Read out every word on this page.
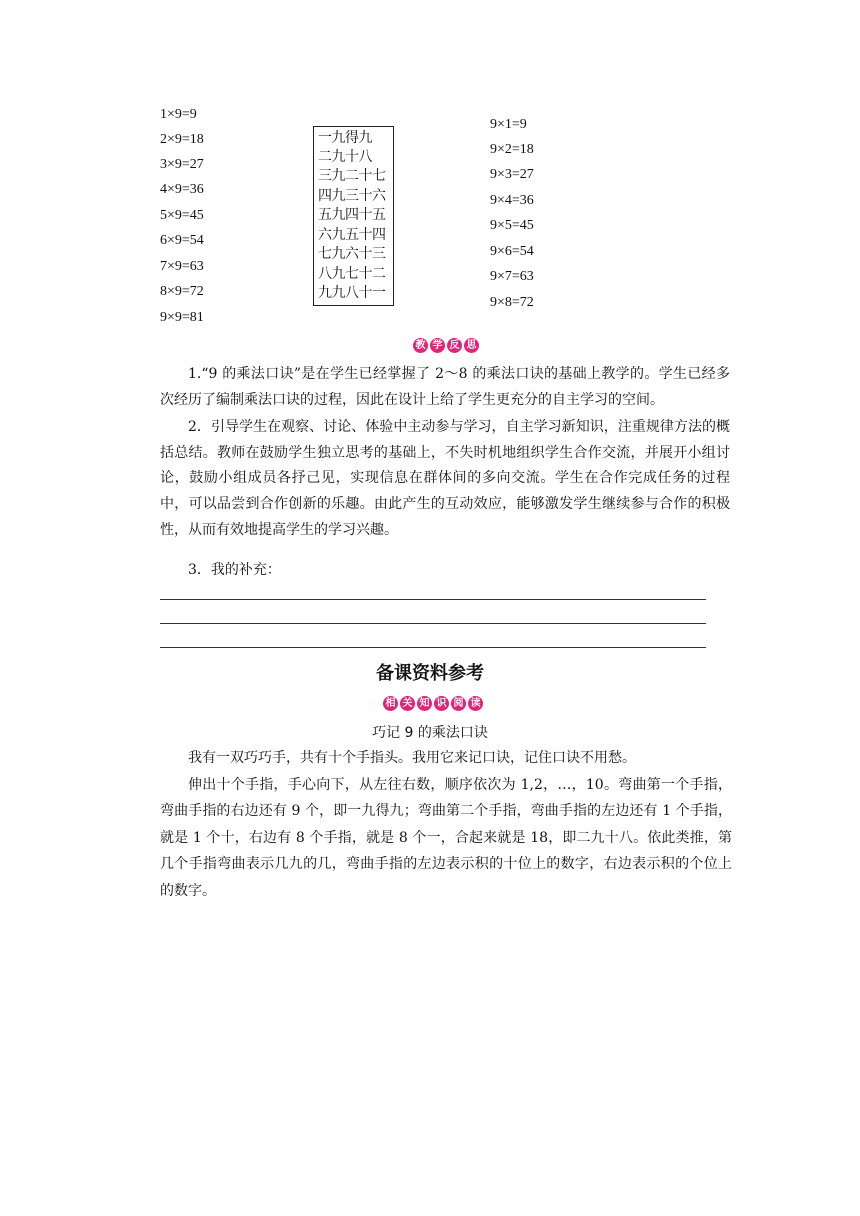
1×9=9
2×9=18
3×9=27
4×9=36
5×9=45
6×9=54
7×9=63
8×9=72
9×9=81
一九得九
二九十八
三九二十七
四九三十六
五九四十五
六九五十四
七九六十三
八九七十二
九九八十一
9×1=9
9×2=18
9×3=27
9×4=36
9×5=45
9×6=54
9×7=63
9×8=72
教 学 反 思
1.“9 的乘法口诀”是在学生已经掌握了 2～8 的乘法口诀的基础上教学的。学生已经多次经历了编制乘法口诀的过程，因此在设计上给了学生更充分的自主学习的空间。
2．引导学生在观察、讨论、体验中主动参与学习，自主学习新知识，注重规律方法的概括总结。教师在鼓励学生独立思考的基础上，不失时机地组织学生合作交流，并展开小组讨论，鼓励小组成员各抒己见，实现信息在群体间的多向交流。学生在合作完成任务的过程中，可以品尝到合作创新的乐趣。由此产生的互动效应，能够激发学生继续参与合作的积极性，从而有效地提高学生的学习兴趣。
3．我的补充：
备课资料参考
相 关 知 识 阅 读
巧记 9 的乘法口诀
我有一双巧巧手，共有十个手指头。我用它来记口诀，记住口诀不用愁。
伸出十个手指，手心向下，从左往右数，顺序依次为 1,2，…，10。弯曲第一个手指，弯曲手指的右边还有 9 个，即一九得九；弯曲第二个手指，弯曲手指的左边还有 1 个手指，就是 1 个十，右边有 8 个手指，就是 8 个一，合起来就是 18，即二九十八。依此类推，第几个手指弯曲表示几九的几，弯曲手指的左边表示积的十位上的数字，右边表示积的个位上的数字。
